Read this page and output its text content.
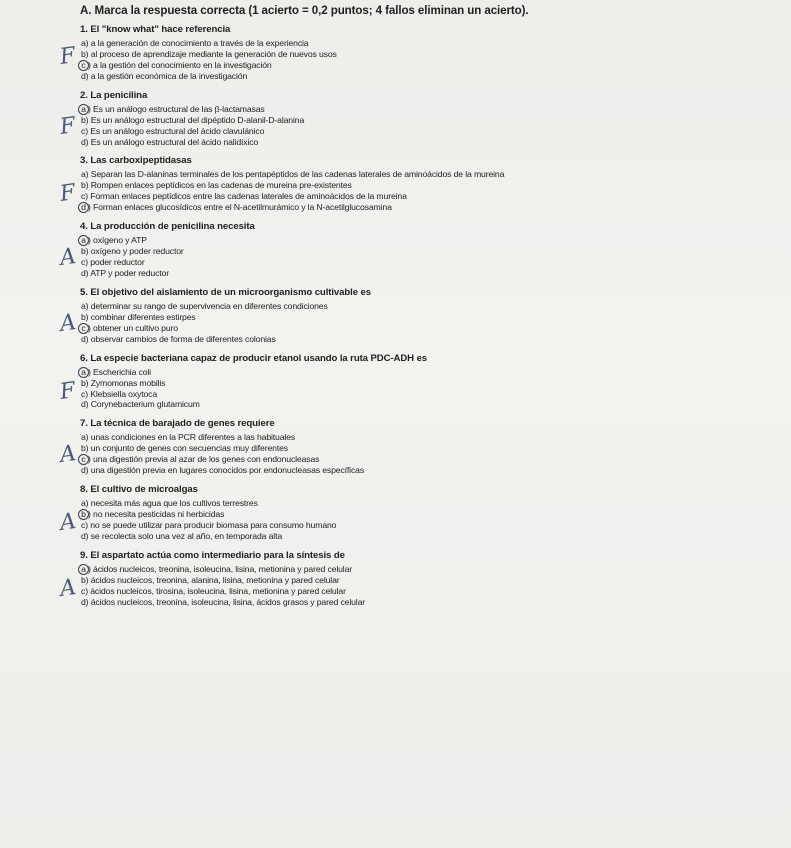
A. Marca la respuesta correcta (1 acierto = 0,2 puntos; 4 fallos eliminan un acierto).
1. El "know what" hace referencia
F
a) a la generación de conocimiento a través de la experiencia
b) al proceso de aprendizaje mediante la generación de nuevos usos
c ) a la gestión del conocimiento en la investigación
d) a la gestión económica de la investigación
2. La penicilina
F
a ) Es un análogo estructural de las β-lactamasas
b) Es un análogo estructural del dipéptido D-alanil-D-alanina
c) Es un análogo estructural del ácido clavulánico
d) Es un análogo estructural del ácido nalidíxico
3. Las carboxipeptidasas
F
a) Separan las D-alaninas terminales de los pentapéptidos de las cadenas laterales de aminoácidos de la mureina
b) Rompen enlaces peptídicos en las cadenas de mureina pre-existentes
c) Forman enlaces peptídicos entre las cadenas laterales de aminoácidos de la mureina
d ) Forman enlaces glucosídicos entre el N-acetilmurámico y la N-acetilglucosamina
4. La producción de penicilina necesita
A
a ) oxígeno y ATP
b) oxígeno y poder reductor
c) poder reductor
d) ATP y poder reductor
5. El objetivo del aislamiento de un microorganismo cultivable es
A
a) determinar su rango de supervivencia en diferentes condiciones
b) combinar diferentes estirpes
c ) obtener un cultivo puro
d) observar cambios de forma de diferentes colonias
6. La especie bacteriana capaz de producir etanol usando la ruta PDC-ADH es
F
a ) Escherichia coli
b) Zymomonas mobilis
c) Klebsiella oxytoca
d) Corynebacterium glutamicum
7. La técnica de barajado de genes requiere
A
a) unas condiciones en la PCR diferentes a las habituales
b) un conjunto de genes con secuencias muy diferentes
c ) una digestión previa al azar de los genes con endonucleasas
d) una digestión previa en lugares conocidos por endonucleasas específicas
8. El cultivo de microalgas
A
a) necesita más agua que los cultivos terrestres
b ) no necesita pesticidas ni herbicidas
c) no se puede utilizar para producir biomasa para consumo humano
d) se recolecta solo una vez al año, en temporada alta
9. El aspartato actúa como intermediario para la síntesis de
A
a ) ácidos nucleicos, treonina, isoleucina, lisina, metionina y pared celular
b) ácidos nucleicos, treonina, alanina, lisina, metionina y pared celular
c) ácidos nucleicos, tirosina, isoleucina, lisina, metionina y pared celular
d) ácidos nucleicos, treonina, isoleucina, lisina, ácidos grasos y pared celular
